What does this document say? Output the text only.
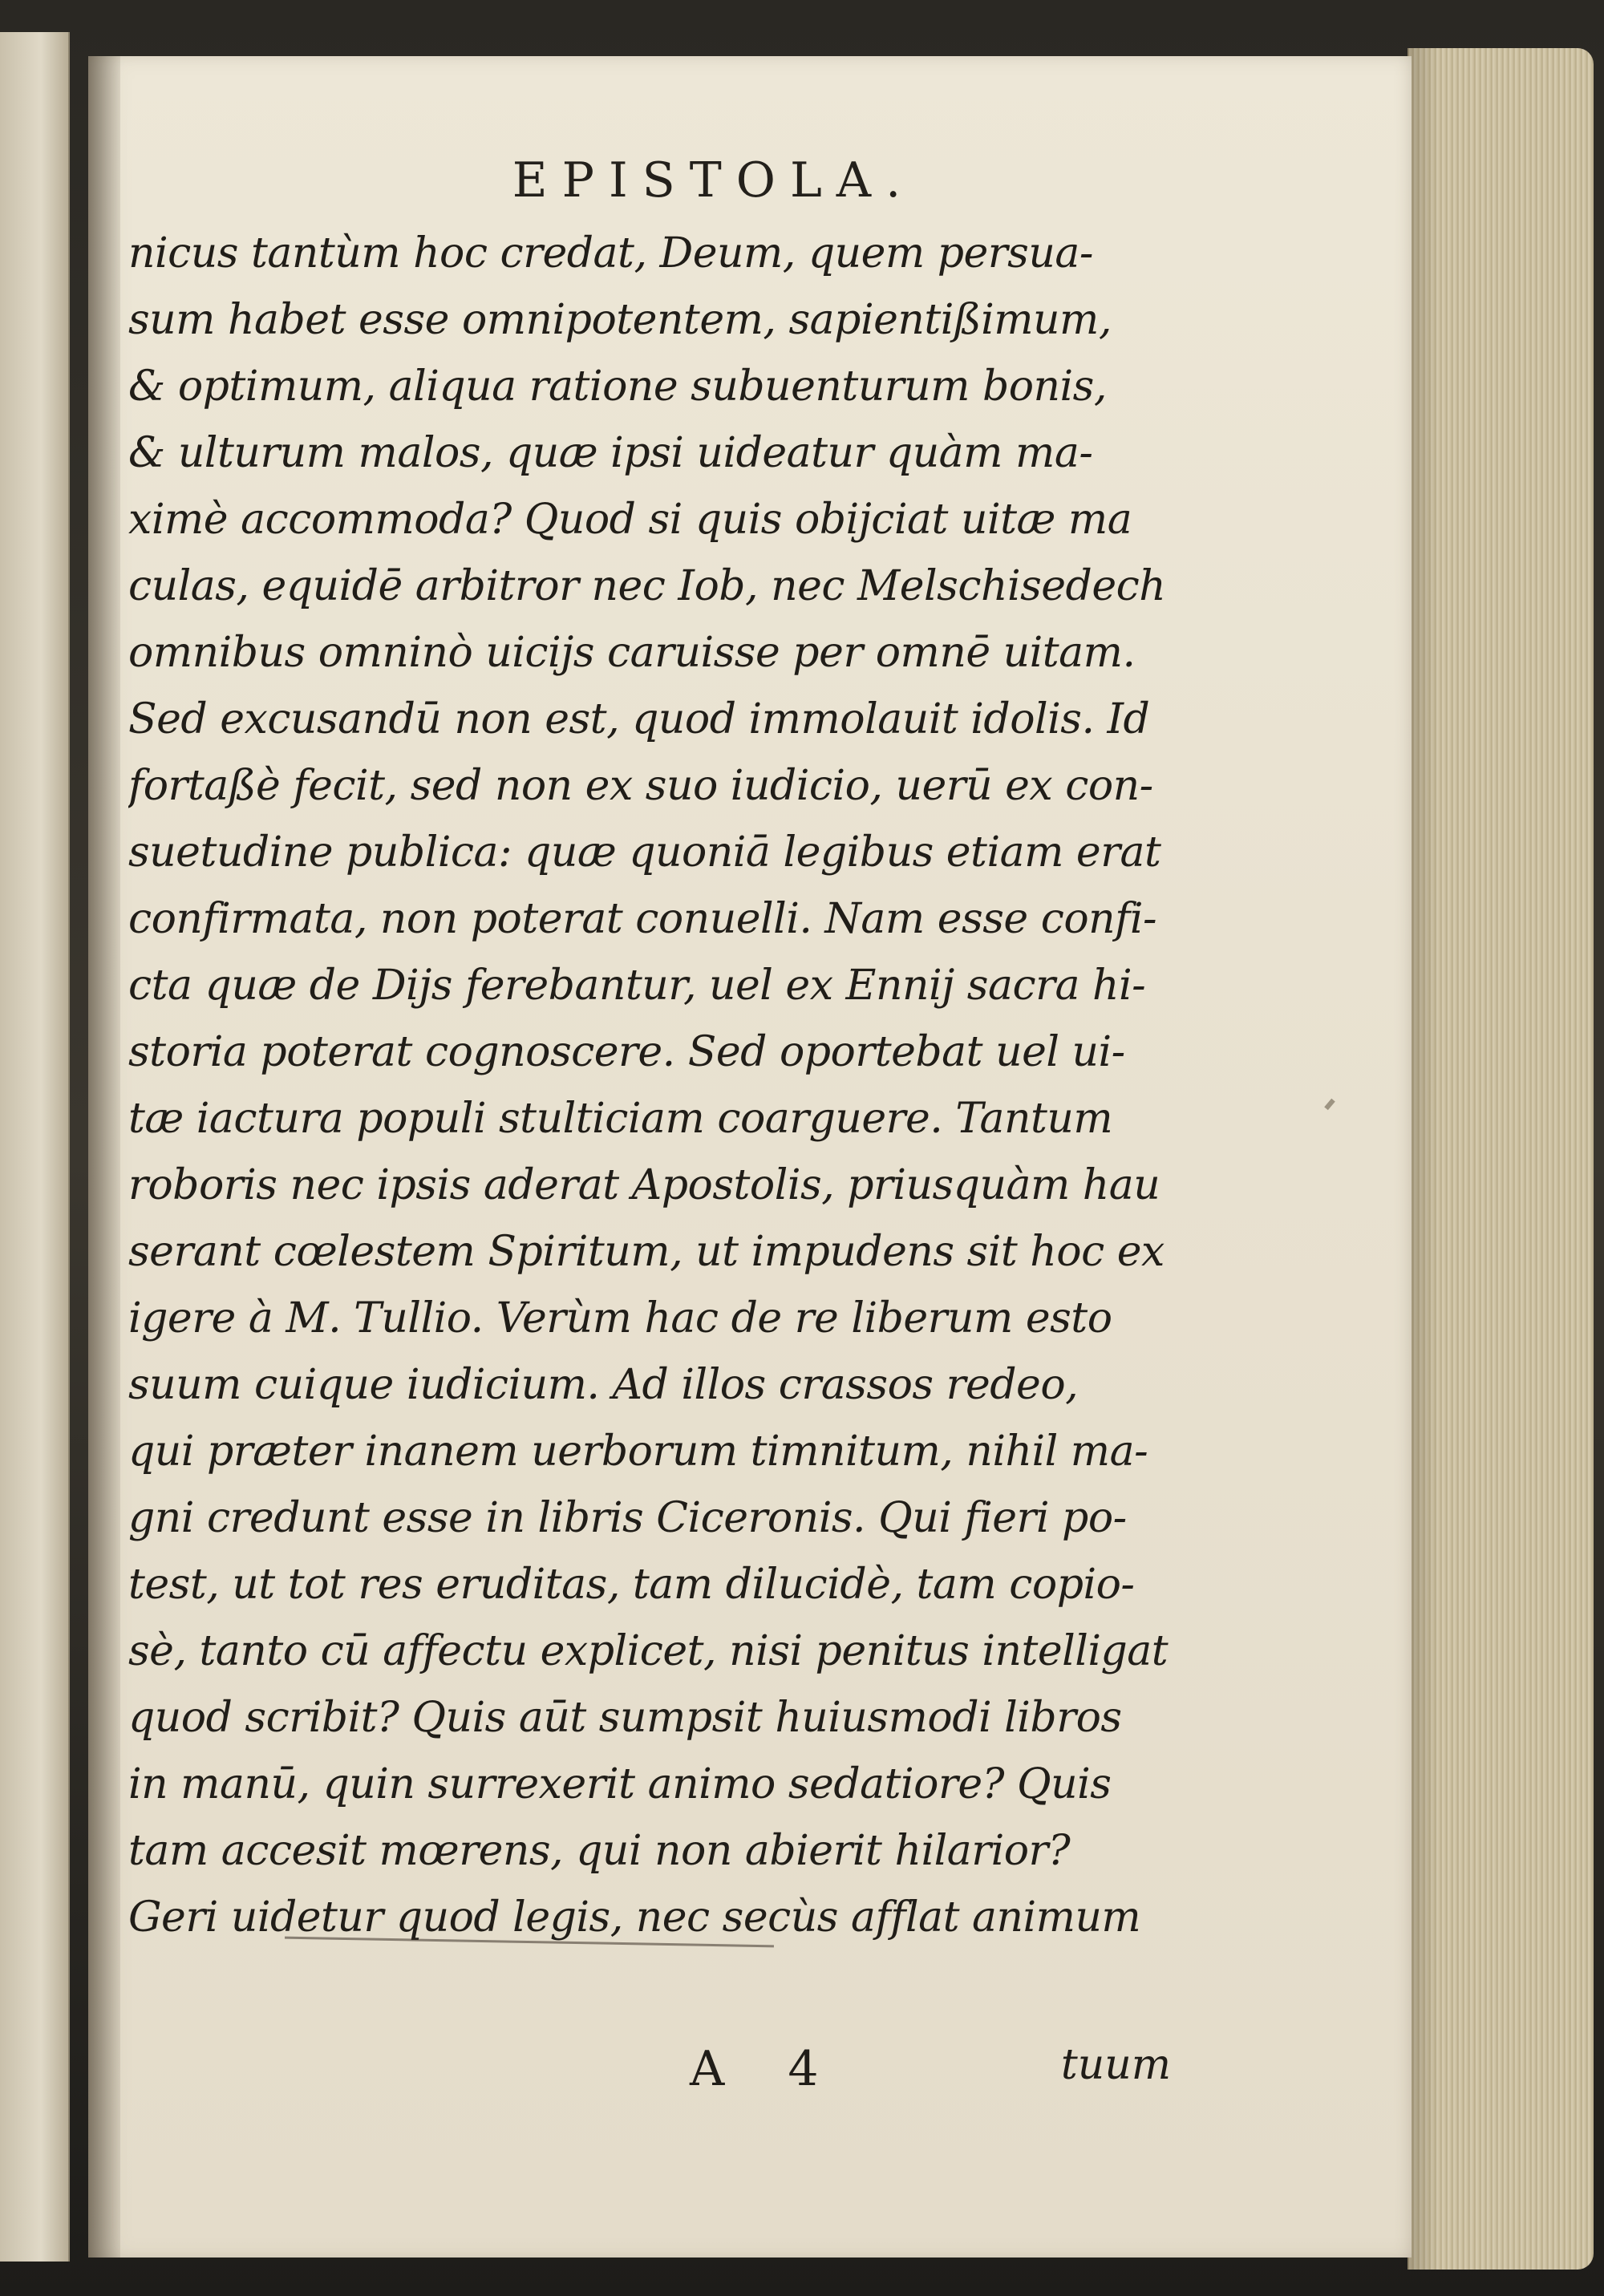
EPISTOLA.
nicus tantùm hoc credat, Deum, quem persua-
sum habet esse omnipotentem, sapientißimum,
& optimum, aliqua ratione subuenturum bonis,
& ulturum malos, quæ ipsi uideatur quàm ma-
ximè accommoda? Quod si quis obijciat uitæ ma
culas, equidē arbitror nec Iob, nec Melschisedech
omnibus omninò uicijs caruisse per omnē uitam.
Sed excusandū non est, quod immolauit idolis. Id
fortaßè fecit, sed non ex suo iudicio, uerū ex con-
suetudine publica: quæ quoniā legibus etiam erat
confirmata, non poterat conuelli. Nam esse confi-
cta quæ de Dijs ferebantur, uel ex Ennij sacra hi-
storia poterat cognoscere. Sed oportebat uel ui-
tæ iactura populi stulticiam coarguere. Tantum
roboris nec ipsis aderat Apostolis, priusquàm hau
serant cœlestem Spiritum, ut impudens sit hoc ex
igere à M. Tullio. Verùm hac de re liberum esto
suum cuique iudicium. Ad illos crassos redeo,
qui præter inanem uerborum timnitum, nihil ma-
gni credunt esse in libris Ciceronis. Qui fieri po-
test, ut tot res eruditas, tam dilucidè, tam copio-
sè, tanto cū affectu explicet, nisi penitus intelligat
quod scribit? Quis aūt sumpsit huiusmodi libros
in manū, quin surrexerit animo sedatiore? Quis
tam accesit mœrens, qui non abierit hilarior?
Geri uidetur quod legis, nec secùs afflat animum
A 4	tuum
